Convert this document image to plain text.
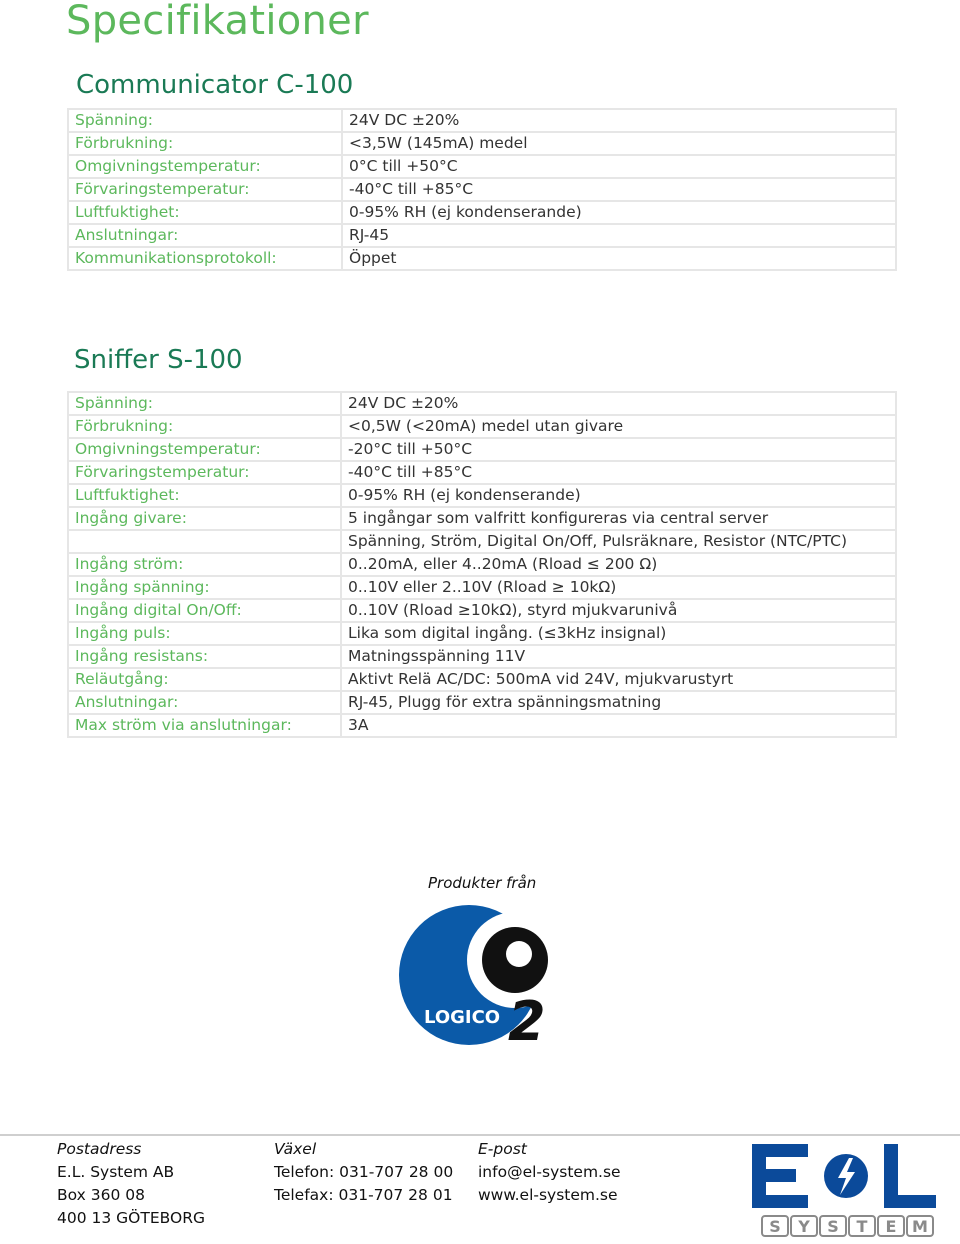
Specifikationer
Communicator C-100
Spänning:	24V DC ±20%
Förbrukning:	<3,5W (145mA) medel
Omgivningstemperatur:	0°C till +50°C
Förvaringstemperatur:	-40°C till +85°C
Luftfuktighet:	0-95% RH (ej kondenserande)
Anslutningar:	RJ-45
Kommunikationsprotokoll:	Öppet
Sniffer S-100
Spänning:	24V DC ±20%
Förbrukning:	<0,5W (<20mA) medel utan givare
Omgivningstemperatur:	-20°C till +50°C
Förvaringstemperatur:	-40°C till +85°C
Luftfuktighet:	0-95% RH (ej kondenserande)
Ingång givare:	5 ingångar som valfritt konfigureras via central server
	Spänning, Ström, Digital On/Off, Pulsräknare, Resistor (NTC/PTC)
Ingång ström:	0..20mA, eller 4..20mA (Rload ≤ 200 Ω)
Ingång spänning:	0..10V eller 2..10V (Rload ≥ 10kΩ)
Ingång digital On/Off:	0..10V (Rload ≥10kΩ), styrd mjukvarunivå
Ingång puls:	Lika som digital ingång. (≤3kHz insignal)
Ingång resistans:	Matningsspänning 11V
Reläutgång:	Aktivt Relä AC/DC: 500mA vid 24V, mjukvarustyrt
Anslutningar:	RJ-45, Plugg för extra spänningsmatning
Max ström via anslutningar:	3A
Produkter från
LOGICO 2
Postadress
E.L. System AB
Box 360 08
400 13 GÖTEBORG
Växel
Telefon: 031-707 28 00
Telefax: 031-707 28 01
E-post
info@el-system.se
www.el-system.se
S Y S T E M
